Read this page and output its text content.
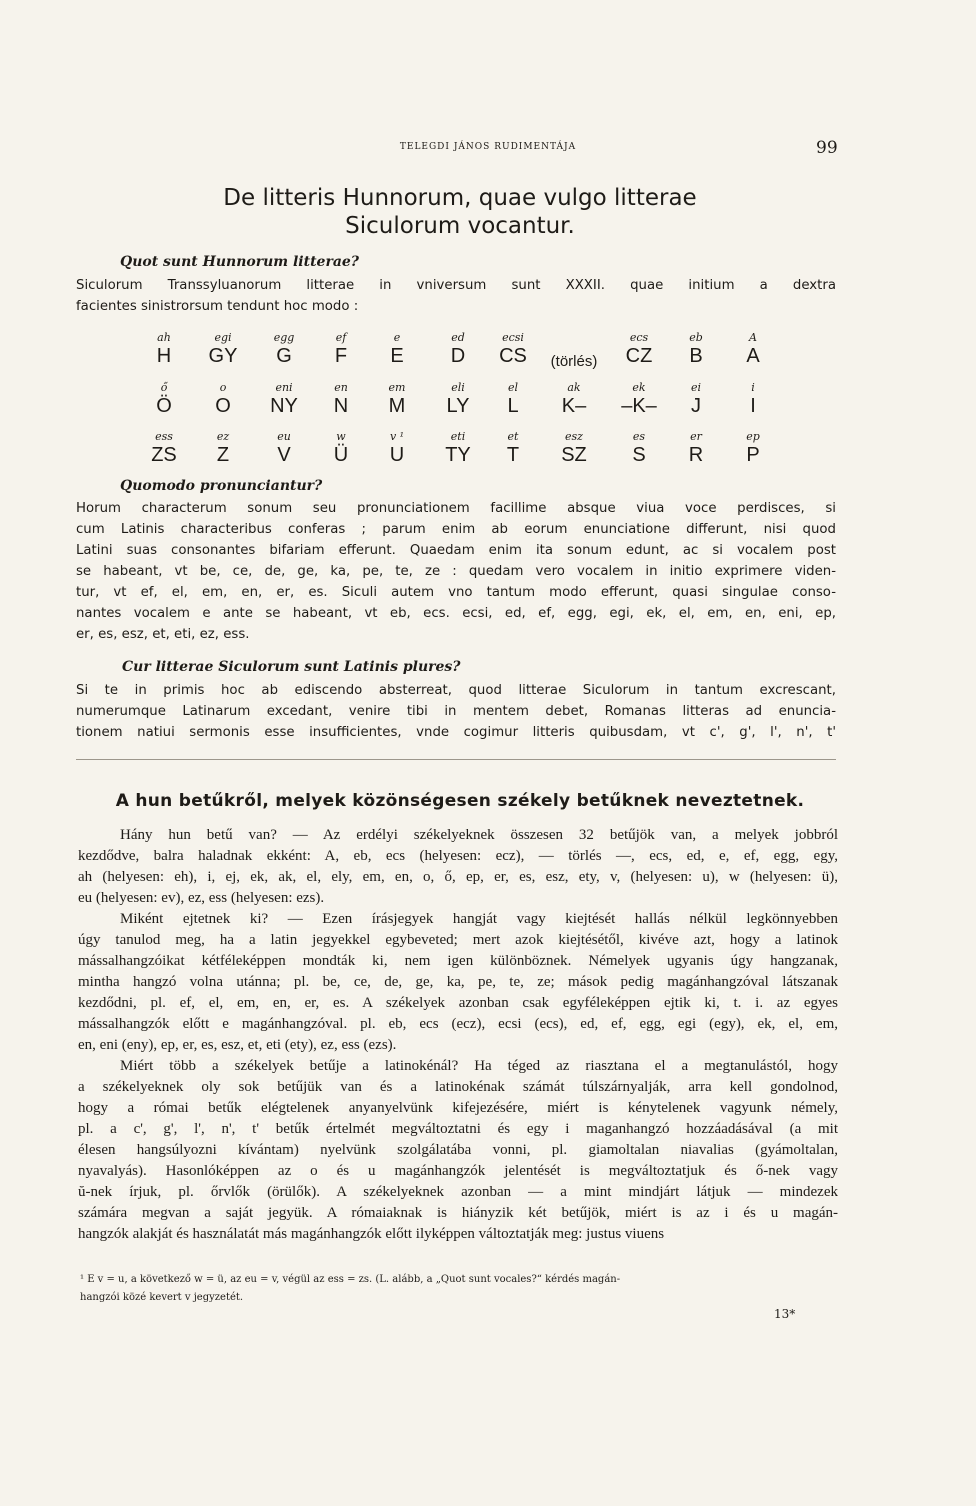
TELEGDI JÁNOS RUDIMENTÁJA	99
De litteris Hunnorum, quae vulgo litterae
Siculorum vocantur.
Quot sunt Hunnorum litterae?
Siculorum Transsyluanorum litterae in vniversum sunt XXXII. quae initium a dextra
facientes sinistrorsum tendunt hoc modo :
ah
H
egi
GY
egg
G
ef
F
e
E
ed
D
ecsi
CS	(törlés)
ecs
CZ
eb
B
A
A
ő
Ö
o
O
eni
NY
en
N
em
M
eli
LY
el
L
ak
K–
ek
–K–
ei
J
i
I
ess
ZS
ez
Z
eu
V
w
Ü
v ¹
U
eti
TY
et
T
esz
SZ
es
S
er
R
ep
P
Quomodo pronunciantur?
Horum characterum sonum seu pronunciationem facillime absque viua voce perdisces, si
cum Latinis characteribus conferas ; parum enim ab eorum enunciatione differunt, nisi quod
Latini suas consonantes bifariam efferunt. Quaedam enim ita sonum edunt, ac si vocalem post
se habeant, vt be, ce, de, ge, ka, pe, te, ze : quedam vero vocalem in initio exprimere viden-
tur, vt ef, el, em, en, er, es. Siculi autem vno tantum modo efferunt, quasi singulae conso-
nantes vocalem e ante se habeant, vt eb, ecs. ecsi, ed, ef, egg, egi, ek, el, em, en, eni, ep,
er, es, esz, et, eti, ez, ess.
Cur litterae Siculorum sunt Latinis plures?
Si te in primis hoc ab ediscendo absterreat, quod litterae Siculorum in tantum excrescant,
numerumque Latinarum excedant, venire tibi in mentem debet, Romanas litteras ad enuncia-
tionem natiui sermonis esse insufficientes, vnde cogimur litteris quibusdam, vt c', g', l', n', t'
A hun betűkről, melyek közönségesen székely betűknek neveztetnek.
Hány hun betű van? — Az erdélyi székelyeknek összesen 32 betűjök van, a melyek jobbról
kezdődve, balra haladnak ekként: A, eb, ecs (helyesen: ecz), — törlés —, ecs, ed, e, ef, egg, egy,
ah (helyesen: eh), i, ej, ek, ak, el, ely, em, en, o, ő, ep, er, es, esz, ety, v, (helyesen: u), w (helyesen: ü),
eu (helyesen: ev), ez, ess (helyesen: ezs).
Miként ejtetnek ki? — Ezen írásjegyek hangját vagy kiejtését hallás nélkül legkönnyebben
úgy tanulod meg, ha a latin jegyekkel egybeveted; mert azok kiejtésétől, kivéve azt, hogy a latinok
mássalhangzóikat kétféleképpen mondták ki, nem igen különböznek. Némelyek ugyanis úgy hangzanak,
mintha hangzó volna utánna; pl. be, ce, de, ge, ka, pe, te, ze; mások pedig magánhangzóval látszanak
kezdődni, pl. ef, el, em, en, er, es. A székelyek azonban csak egyféleképpen ejtik ki, t. i. az egyes
mássalhangzók előtt e magánhangzóval. pl. eb, ecs (ecz), ecsi (ecs), ed, ef, egg, egi (egy), ek, el, em,
en, eni (eny), ep, er, es, esz, et, eti (ety), ez, ess (ezs).
Miért több a székelyek betűje a latinokénál? Ha téged az riasztana el a megtanulástól, hogy
a székelyeknek oly sok betűjük van és a latinokénak számát túlszárnyalják, arra kell gondolnod,
hogy a római betűk elégtelenek anyanyelvünk kifejezésére, miért is kénytelenek vagyunk némely,
pl. a c', g', l', n', t' betűk értelmét megváltoztatni és egy i maganhangzó hozzáadásával (a mit
élesen hangsúlyozni kívántam) nyelvünk szolgálatába vonni, pl. giamoltalan niavalias (gyámoltalan,
nyavalyás). Hasonlóképpen az o és u magánhangzók jelentését is megváltoztatjuk és ő-nek vagy
ŭ-nek írjuk, pl. őrvlők (örülők). A székelyeknek azonban — a mint mindjárt látjuk — mindezek
számára megvan a saját jegyük. A rómaiaknak is hiányzik két betűjök, miért is az i és u magán-
hangzók alakját és használatát más magánhangzók előtt ilyképpen változtatják meg: justus viuens
¹ E v = u, a következő w = ü, az eu = v, végül az ess = zs. (L. alább, a „Quot sunt vocales?“ kérdés magán-
hangzói közé kevert v jegyzetét.
13*
